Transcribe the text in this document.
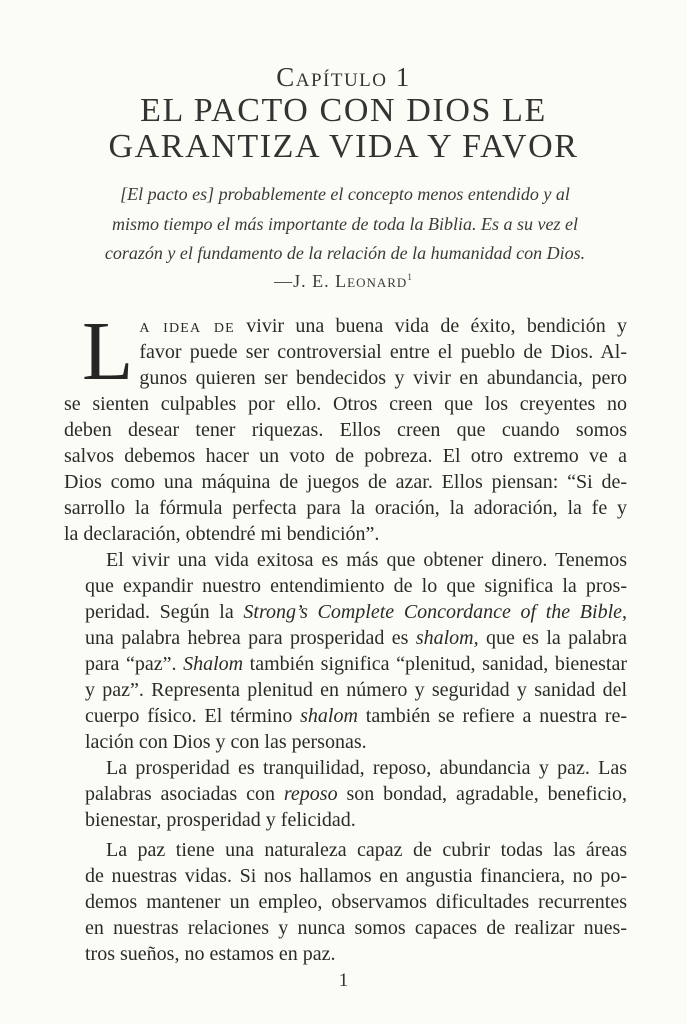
Capítulo 1
EL PACTO CON DIOS LE
GARANTIZA VIDA Y FAVOR
[El pacto es] probablemente el concepto menos entendido y al
mismo tiempo el más importante de toda la Biblia. Es a su vez el
corazón y el fundamento de la relación de la humanidad con Dios.
—J. E. Leonard$^1$
L a idea de vivir una buena vida de éxito, bendición y
favor puede ser controversial entre el pueblo de Dios. Al-
gunos quieren ser bendecidos y vivir en abundancia, pero
se sienten culpables por ello. Otros creen que los creyentes no
deben desear tener riquezas. Ellos creen que cuando somos
salvos debemos hacer un voto de pobreza. El otro extremo ve a
Dios como una máquina de juegos de azar. Ellos piensan: “Si de-
sarrollo la fórmula perfecta para la oración, la adoración, la fe y
la declaración, obtendré mi bendición”.
El vivir una vida exitosa es más que obtener dinero. Tenemos
que expandir nuestro entendimiento de lo que significa la pros-
peridad. Según la Strong’s Complete Concordance of the Bible,
una palabra hebrea para prosperidad es shalom, que es la palabra
para “paz”. Shalom también significa “plenitud, sanidad, bienestar
y paz”. Representa plenitud en número y seguridad y sanidad del
cuerpo físico. El término shalom también se refiere a nuestra re-
lación con Dios y con las personas.
La prosperidad es tranquilidad, reposo, abundancia y paz. Las
palabras asociadas con reposo son bondad, agradable, beneficio,
bienestar, prosperidad y felicidad.
La paz tiene una naturaleza capaz de cubrir todas las áreas
de nuestras vidas. Si nos hallamos en angustia financiera, no po-
demos mantener un empleo, observamos dificultades recurrentes
en nuestras relaciones y nunca somos capaces de realizar nues-
tros sueños, no estamos en paz.
1
